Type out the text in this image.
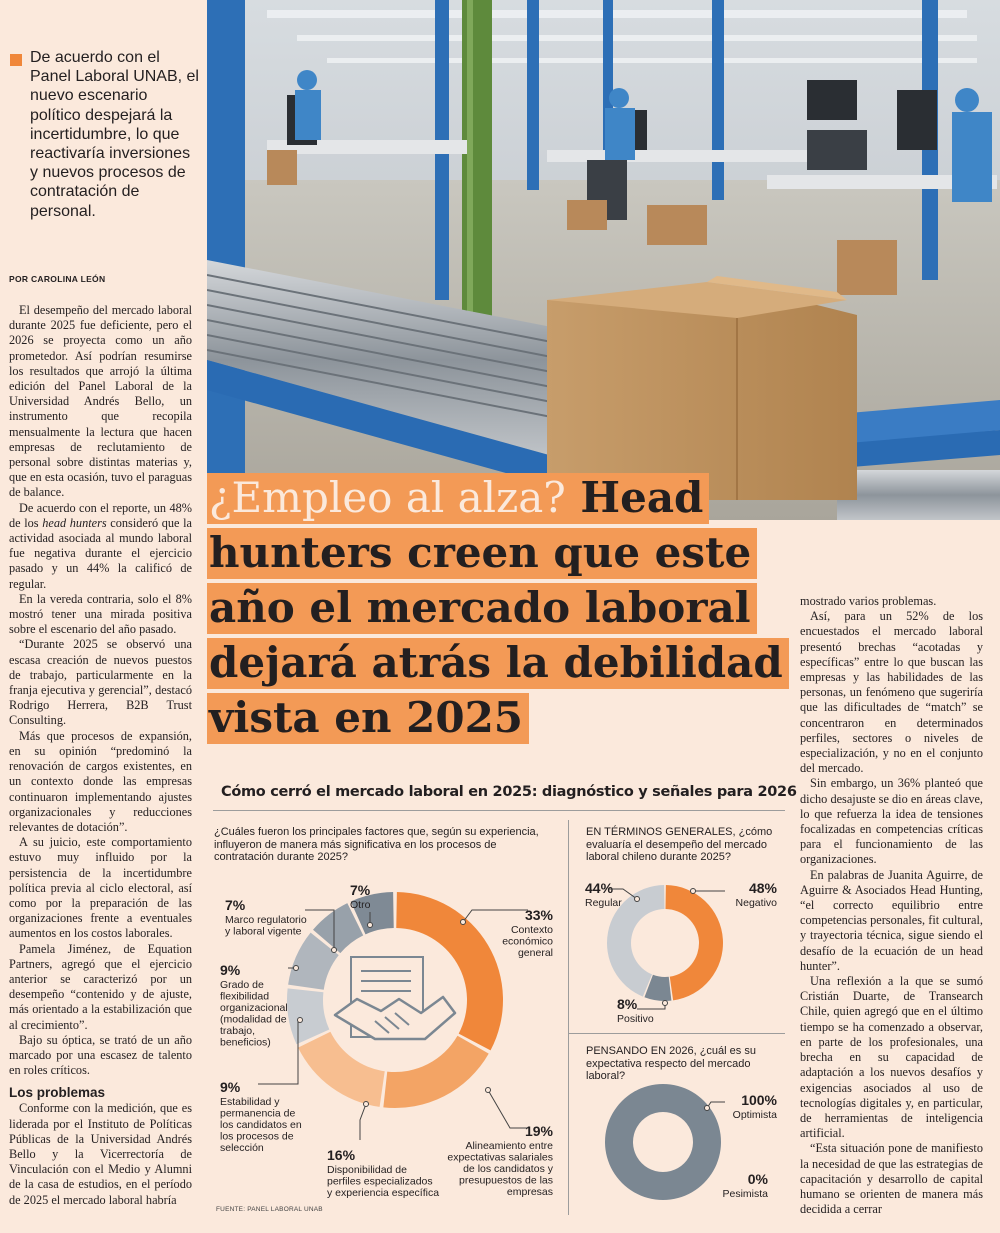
De acuerdo con el Panel Laboral UNAB, el nuevo escenario político despejará la incertidumbre, lo que reactivaría inversiones y nuevos procesos de contratación de personal.
POR CAROLINA LEÓN

El desempeño del mercado laboral durante 2025 fue deficiente, pero el 2026 se proyecta como un año prometedor. Así podrían resumirse los resultados que arrojó la última edición del Panel Laboral de la Universidad Andrés Bello, un instrumento que recopila mensualmente la lectura que hacen empresas de reclutamiento de personal sobre distintas materias y, que en esta ocasión, tuvo el paraguas de balance.

De acuerdo con el reporte, un 48% de los head hunters consideró que la actividad asociada al mundo laboral fue negativa durante el ejercicio pasado y un 44% la calificó de regular.

En la vereda contraria, solo el 8% mostró tener una mirada positiva sobre el escenario del año pasado.

“Durante 2025 se observó una escasa creación de nuevos puestos de trabajo, particularmente en la franja ejecutiva y gerencial”, destacó Rodrigo Herrera, B2B Trust Consulting.

Más que procesos de expansión, en su opinión “predominó la renovación de cargos existentes, en un contexto donde las empresas continuaron implementando ajustes organizacionales y reducciones relevantes de dotación”.

A su juicio, este comportamiento estuvo muy influido por la persistencia de la incertidumbre política previa al ciclo electoral, así como por la preparación de las organizaciones frente a eventuales aumentos en los costos laborales.

Pamela Jiménez, de Equation Partners, agregó que el ejercicio anterior se caracterizó por un desempeño “contenido y de ajuste, más orientado a la estabilización que al crecimiento”.

Bajo su óptica, se trató de un año marcado por una escasez de talento en roles críticos.

Los problemas

Conforme con la medición, que es liderada por el Instituto de Políticas Públicas de la Universidad Andrés Bello y la Vicerrectoría de Vinculación con el Medio y Alumni de la casa de estudios, en el período de 2025 el mercado laboral habría

¿Empleo al alza? Head
hunters creen que este
año el mercado laboral
dejará atrás la debilidad
vista en 2025

mostrado varios problemas.

Así, para un 52% de los encuestados el mercado laboral presentó brechas “acotadas y específicas” entre lo que buscan las empresas y las habilidades de las personas, un fenómeno que sugeriría que las dificultades de “match” se concentraron en determinados perfiles, sectores o niveles de especialización, y no en el conjunto del mercado.

Sin embargo, un 36% planteó que dicho desajuste se dio en áreas clave, lo que refuerza la idea de tensiones focalizadas en competencias críticas para el funcionamiento de las organizaciones.

En palabras de Juanita Aguirre, de Aguirre & Asociados Head Hunting, “el correcto equilibrio entre competencias personales, fit cultural, y trayectoria técnica, sigue siendo el desafío de la ecuación de un head hunter”.

Una reflexión a la que se sumó Cristián Duarte, de Transearch Chile, quien agregó que en el último tiempo se ha comenzado a observar, en parte de los profesionales, una brecha en su capacidad de adaptación a los nuevos desafíos y exigencias asociados al uso de tecnologías digitales y, en particular, de herramientas de inteligencia artificial.

“Esta situación pone de manifiesto la necesidad de que las estrategias de capacitación y desarrollo de capital humano se orienten de manera más decidida a cerrar

Cómo cerró el mercado laboral en 2025: diagnóstico y señales para 2026
¿Cuáles fueron los principales factores que, según su experiencia, influyeron de manera más significativa en los procesos de contratación durante 2025?
EN TÉRMINOS GENERALES, ¿cómo evaluaría el desempeño del mercado laboral chileno durante 2025?
PENSANDO EN 2026, ¿cuál es su expectativa respecto del mercado laboral?
33%
Contexto
económico
general
19%
Alineamiento entre
expectativas salariales
de los candidatos y
presupuestos de las
empresas
16%
Disponibilidad de
perfiles especializados
y experiencia específica
9%
Estabilidad y
permanencia de
los candidatos en
los procesos de
selección
9%
Grado de
flexibilidad
organizacional
(modalidad de
trabajo,
beneficios)
7%
Marco regulatorio
y laboral vigente
7%
Otro
48%
Negativo
8%
Positivo
44%
Regular
100%
Optimista
0%
Pesimista
FUENTE: PANEL LABORAL UNAB
